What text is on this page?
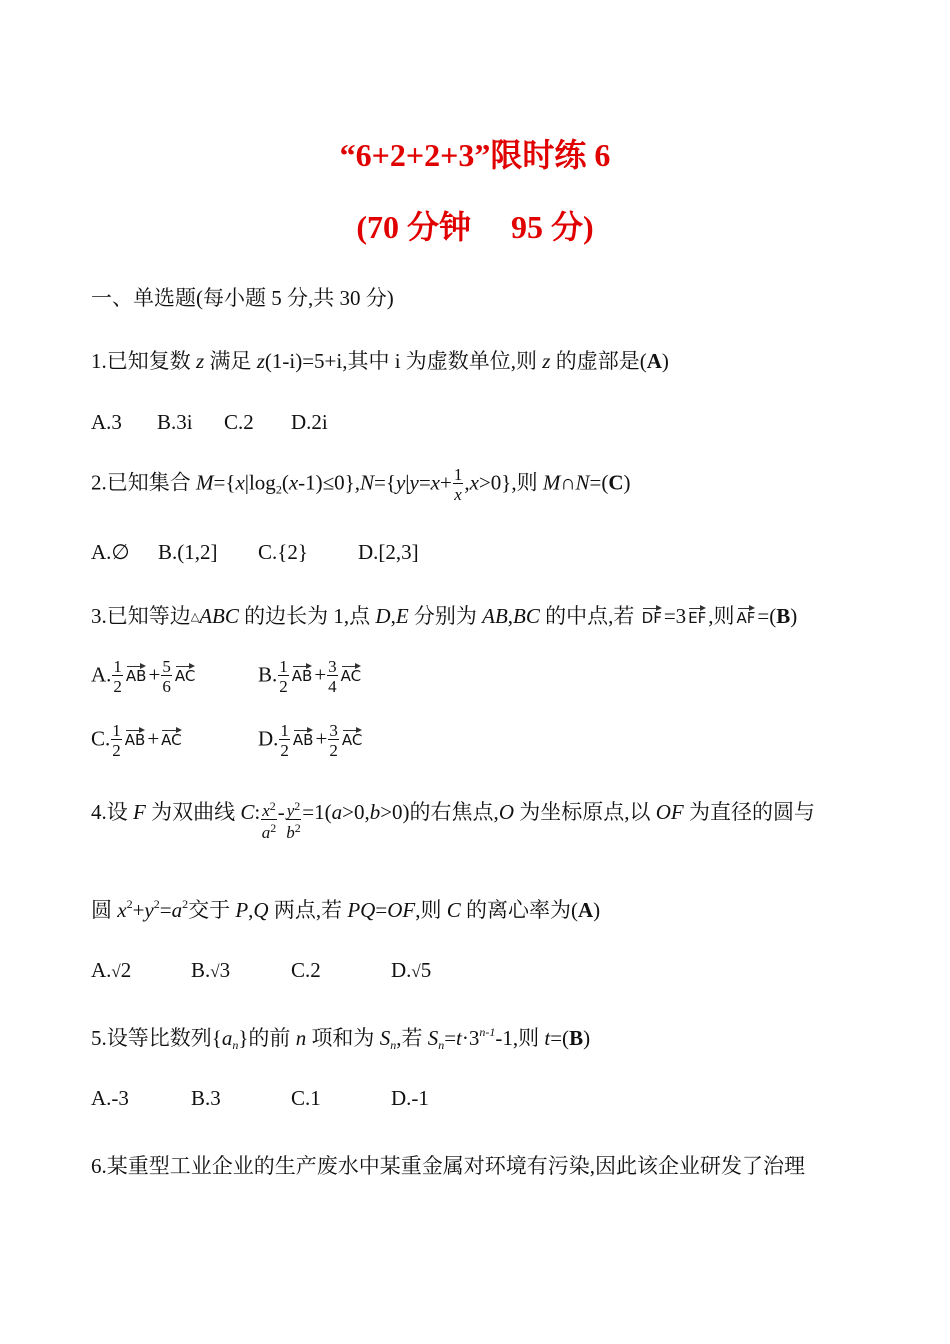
“6+2+2+3”限时练 6
(70 分钟　 95 分)
一、单选题(每小题 5 分,共 30 分)
1.已知复数 z 满足 z(1-i)=5+i,其中 i 为虚数单位,则 z 的虚部是(A)
A.3 B.3i C.2 D.2i
2.已知集合 $M=\{x|\log_2(x-1)\le 0\},N=\{y|y=x+ \frac{1}{x} ,x>0\}$,则 M∩N=(C)
A.∅ B.(1,2] C.{2} D.[2,3]
3.已知等边△ABC 的边长为 1,点 D,E 分别为 AB,BC 的中点,若 DF=3 EF,则 AF=(B)
A. $\frac{1}{2} AB+ \frac{5}{6}$ AC	B. $\frac{1}{2} AB+ \frac{3}{4}$ AC
C. $\frac{1}{2} AB+$ AC	D. $\frac{1}{2} AB+ \frac{3}{2}$ AC
4.设 F 为双曲线 C: $\frac{x^2}{a^2} - \frac{y^2}{b^2} =1(a>0,b>0)$的右焦点,O 为坐标原点,以 OF 为直径的圆与
圆 $x^2+y^2=a^2$交于 P,Q 两点,若 PQ=OF,则 C 的离心率为(A)
A.√2	B.√3	C.2	D.√5
5.设等比数列$\{a_n\}$的前 n 项和为 $S_n$,若 $S_n=t\cdot 3^{n-1}-1$,则 t=(B)
A.-3	B.3	C.1	D.-1
6.某重型工业企业的生产废水中某重金属对环境有污染,因此该企业研发了治理
